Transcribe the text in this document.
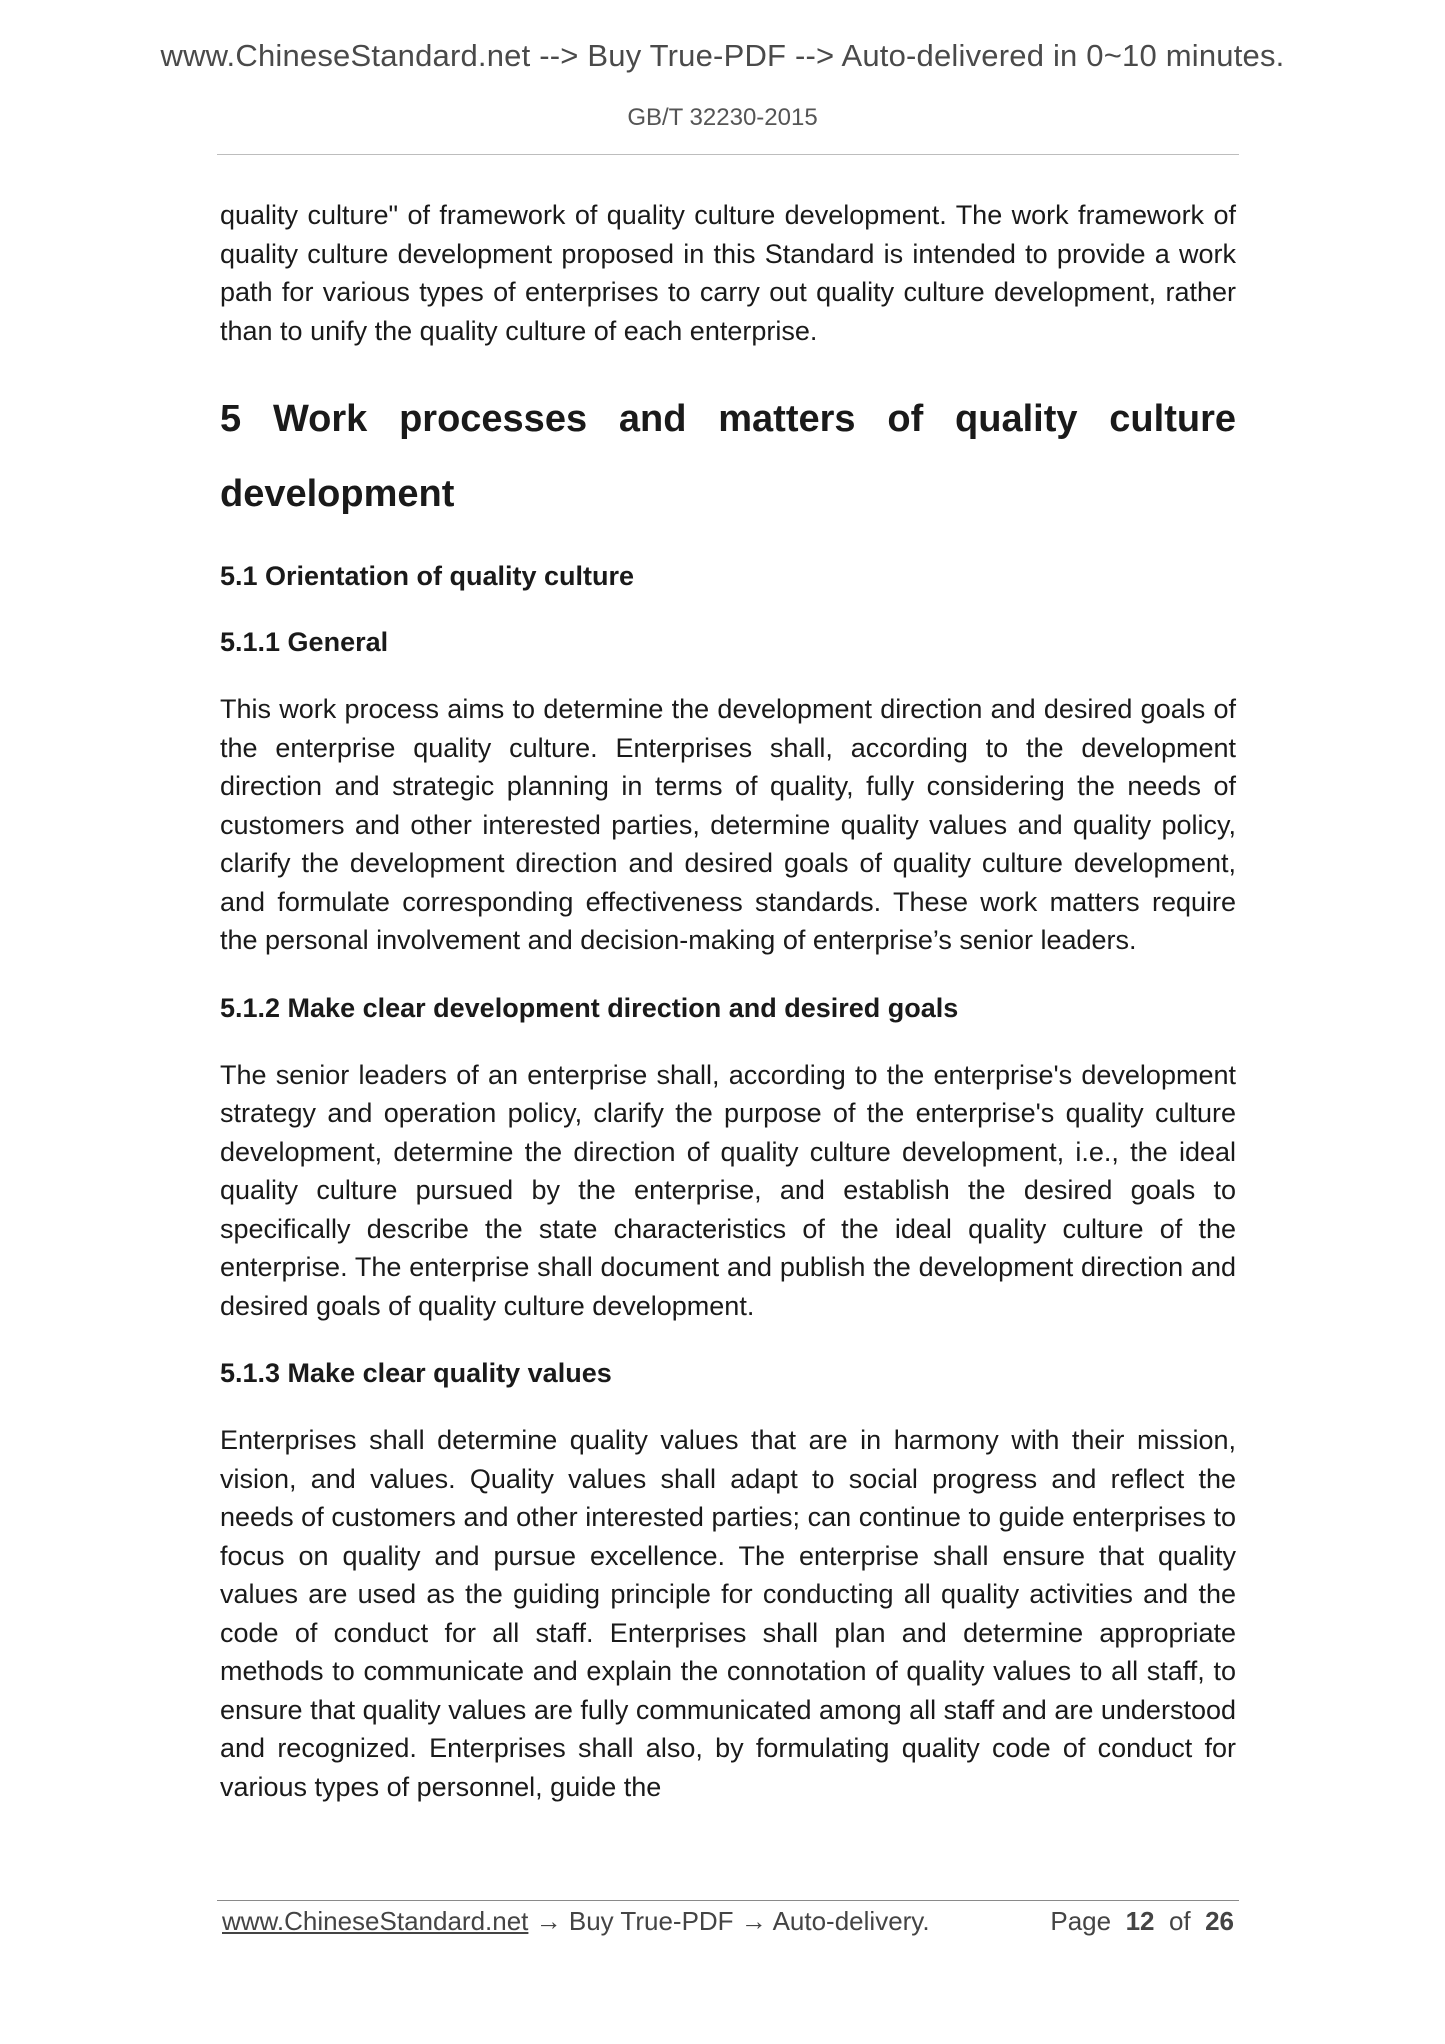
www.ChineseStandard.net --> Buy True-PDF --> Auto-delivered in 0~10 minutes.
GB/T 32230-2015

quality culture" of framework of quality culture development. The work framework of quality culture development proposed in this Standard is intended to provide a work path for various types of enterprises to carry out quality culture development, rather than to unify the quality culture of each enterprise.

5 Work processes and matters of quality culture development
5.1 Orientation of quality culture
5.1.1 General

This work process aims to determine the development direction and desired goals of the enterprise quality culture. Enterprises shall, according to the development direction and strategic planning in terms of quality, fully considering the needs of customers and other interested parties, determine quality values and quality policy, clarify the development direction and desired goals of quality culture development, and formulate corresponding effectiveness standards. These work matters require the personal involvement and decision-making of enterprise’s senior leaders.

5.1.2 Make clear development direction and desired goals

The senior leaders of an enterprise shall, according to the enterprise's development strategy and operation policy, clarify the purpose of the enterprise's quality culture development, determine the direction of quality culture development, i.e., the ideal quality culture pursued by the enterprise, and establish the desired goals to specifically describe the state characteristics of the ideal quality culture of the enterprise. The enterprise shall document and publish the development direction and desired goals of quality culture development.

5.1.3 Make clear quality values

Enterprises shall determine quality values that are in harmony with their mission, vision, and values. Quality values shall adapt to social progress and reflect the needs of customers and other interested parties; can continue to guide enterprises to focus on quality and pursue excellence. The enterprise shall ensure that quality values are used as the guiding principle for conducting all quality activities and the code of conduct for all staff. Enterprises shall plan and determine appropriate methods to communicate and explain the connotation of quality values to all staff, to ensure that quality values are fully communicated among all staff and are understood and recognized. Enterprises shall also, by formulating quality code of conduct for various types of personnel, guide the

www.ChineseStandard.net → Buy True-PDF → Auto-delivery.	Page 12 of 26
